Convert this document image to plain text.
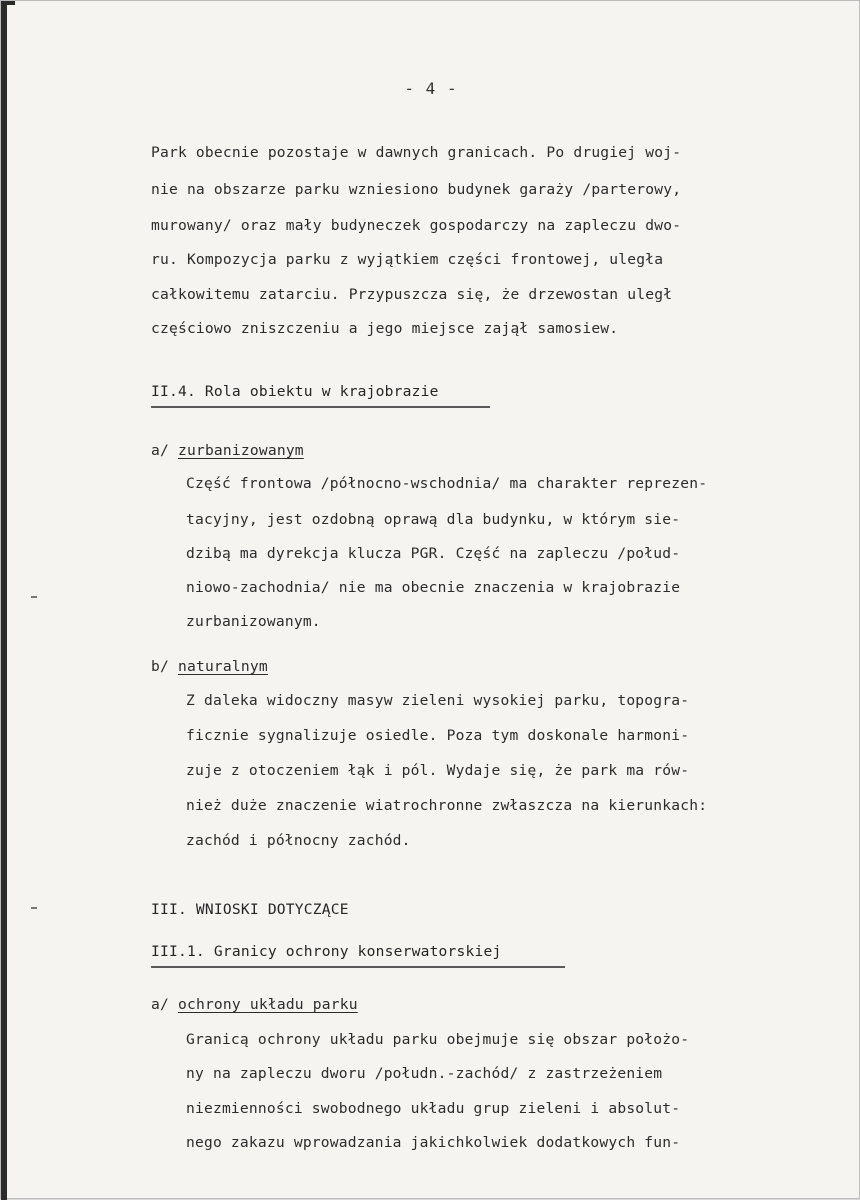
- 4 -
Park obecnie pozostaje w dawnych granicach. Po drugiej woj-
nie na obszarze parku wzniesiono budynek garaży /parterowy,
murowany/ oraz mały budyneczek gospodarczy na zapleczu dwo-
ru. Kompozycja parku z wyjątkiem części frontowej, uległa
całkowitemu zatarciu. Przypuszcza się, że drzewostan uległ
częściowo zniszczeniu a jego miejsce zajął samosiew.
II.4. Rola obiektu w krajobrazie
a/ zurbanizowanym
Część frontowa /północno-wschodnia/ ma charakter reprezen-
tacyjny, jest ozdobną oprawą dla budynku, w którym sie-
dzibą ma dyrekcja klucza PGR. Część na zapleczu /połud-
niowo-zachodnia/ nie ma obecnie znaczenia w krajobrazie
zurbanizowanym.
b/ naturalnym
Z daleka widoczny masyw zieleni wysokiej parku, topogra-
ficznie sygnalizuje osiedle. Poza tym doskonale harmoni-
zuje z otoczeniem łąk i pól. Wydaje się, że park ma rów-
nież duże znaczenie wiatrochronne zwłaszcza na kierunkach:
zachód i północny zachód.
III. WNIOSKI DOTYCZĄCE
III.1. Granicy ochrony konserwatorskiej
a/ ochrony układu parku
Granicą ochrony układu parku obejmuje się obszar położo-
ny na zapleczu dworu /połudn.-zachód/ z zastrzeżeniem
niezmienności swobodnego układu grup zieleni i absolut-
nego zakazu wprowadzania jakichkolwiek dodatkowych fun-
